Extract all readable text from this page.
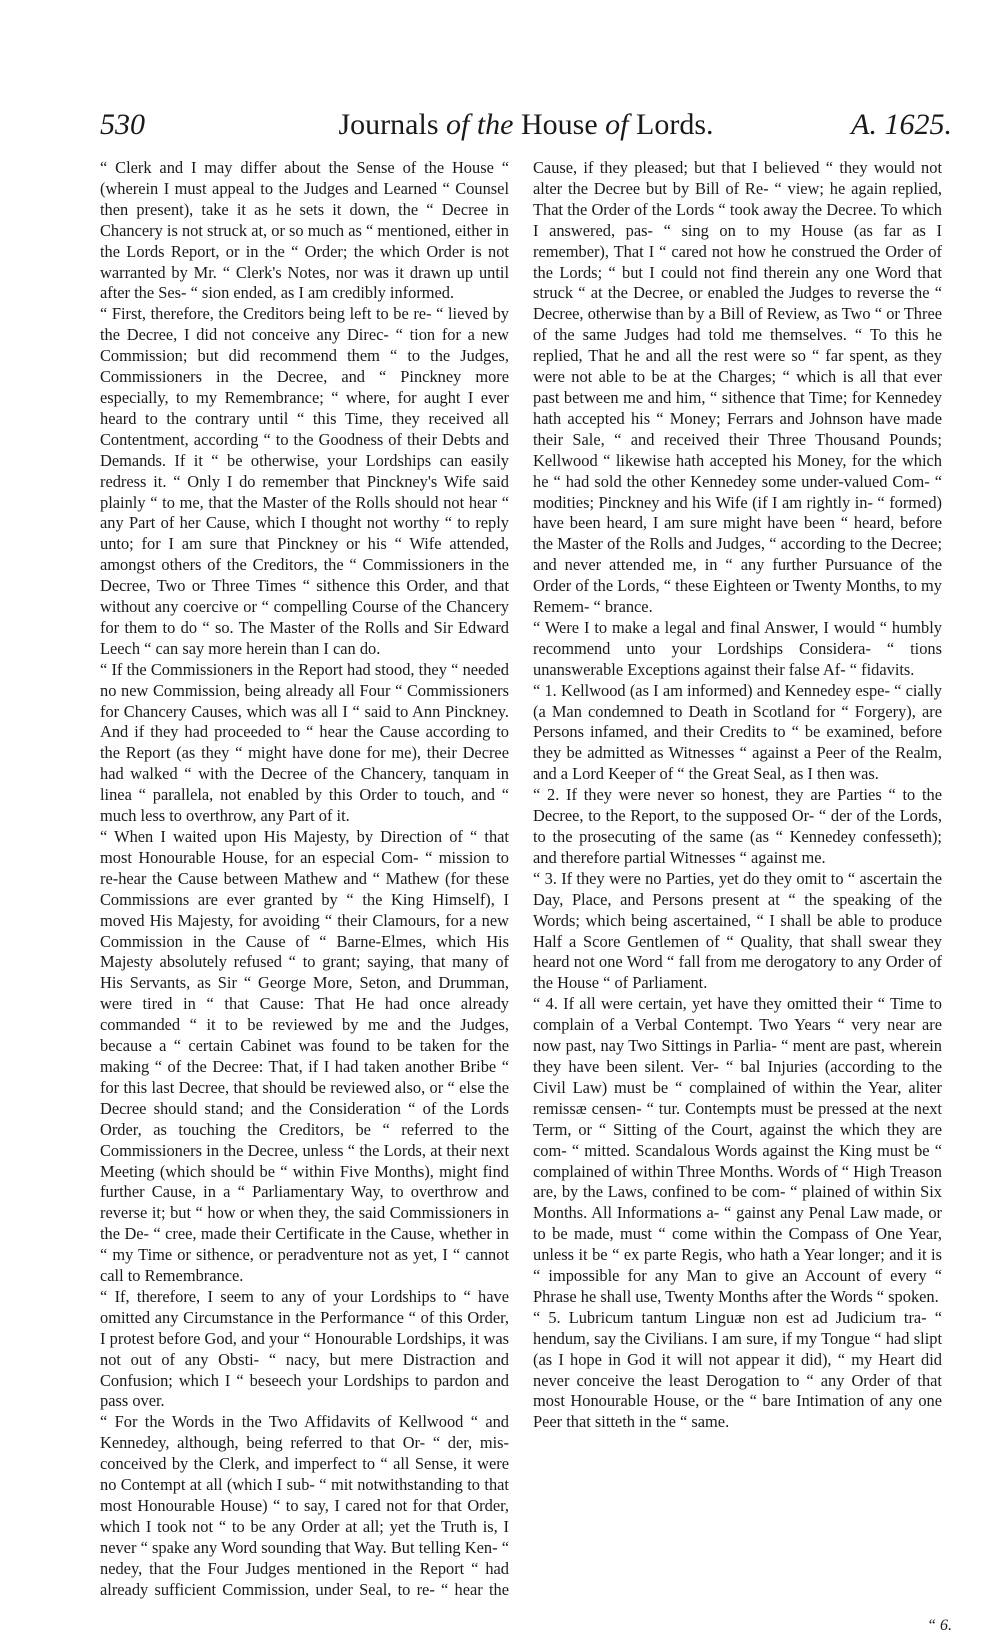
530	Journals of the House of Lords.	A. 1625.

“ Clerk and I may differ about the Sense of the House “ (wherein I must appeal to the Judges and Learned “ Counsel then present), take it as he sets it down, the “ Decree in Chancery is not struck at, or so much as “ mentioned, either in the Lords Report, or in the “ Order; the which Order is not warranted by Mr. “ Clerk's Notes, nor was it drawn up until after the Ses- “ sion ended, as I am credibly informed.

“ First, therefore, the Creditors being left to be re- “ lieved by the Decree, I did not conceive any Direc- “ tion for a new Commission; but did recommend them “ to the Judges, Commissioners in the Decree, and “ Pinckney more especially, to my Remembrance; “ where, for aught I ever heard to the contrary until “ this Time, they received all Contentment, according “ to the Goodness of their Debts and Demands. If it “ be otherwise, your Lordships can easily redress it. “ Only I do remember that Pinckney's Wife said plainly “ to me, that the Master of the Rolls should not hear “ any Part of her Cause, which I thought not worthy “ to reply unto; for I am sure that Pinckney or his “ Wife attended, amongst others of the Creditors, the “ Commissioners in the Decree, Two or Three Times “ sithence this Order, and that without any coercive or “ compelling Course of the Chancery for them to do “ so. The Master of the Rolls and Sir Edward Leech “ can say more herein than I can do.

“ If the Commissioners in the Report had stood, they “ needed no new Commission, being already all Four “ Commissioners for Chancery Causes, which was all I “ said to Ann Pinckney. And if they had proceeded to “ hear the Cause according to the Report (as they “ might have done for me), their Decree had walked “ with the Decree of the Chancery, tanquam in linea “ parallela, not enabled by this Order to touch, and “ much less to overthrow, any Part of it.

“ When I waited upon His Majesty, by Direction of “ that most Honourable House, for an especial Com- “ mission to re-hear the Cause between Mathew and “ Mathew (for these Commissions are ever granted by “ the King Himself), I moved His Majesty, for avoiding “ their Clamours, for a new Commission in the Cause of “ Barne-Elmes, which His Majesty absolutely refused “ to grant; saying, that many of His Servants, as Sir “ George More, Seton, and Drumman, were tired in “ that Cause: That He had once already commanded “ it to be reviewed by me and the Judges, because a “ certain Cabinet was found to be taken for the making “ of the Decree: That, if I had taken another Bribe “ for this last Decree, that should be reviewed also, or “ else the Decree should stand; and the Consideration “ of the Lords Order, as touching the Creditors, be “ referred to the Commissioners in the Decree, unless “ the Lords, at their next Meeting (which should be “ within Five Months), might find further Cause, in a “ Parliamentary Way, to overthrow and reverse it; but “ how or when they, the said Commissioners in the De- “ cree, made their Certificate in the Cause, whether in “ my Time or sithence, or peradventure not as yet, I “ cannot call to Remembrance.

“ If, therefore, I seem to any of your Lordships to “ have omitted any Circumstance in the Performance “ of this Order, I protest before God, and your “ Honourable Lordships, it was not out of any Obsti- “ nacy, but mere Distraction and Confusion; which I “ beseech your Lordships to pardon and pass over.

“ For the Words in the Two Affidavits of Kellwood “ and Kennedey, although, being referred to that Or- “ der, mis-conceived by the Clerk, and imperfect to “ all Sense, it were no Contempt at all (which I sub- “ mit notwithstanding to that most Honourable House) “ to say, I cared not for that Order, which I took not “ to be any Order at all; yet the Truth is, I never “ spake any Word sounding that Way. But telling Ken- “ nedey, that the Four Judges mentioned in the Report “ had already sufficient Commission, under Seal, to re- “ hear the Cause, if they pleased; but that I believed “ they would not alter the Decree but by Bill of Re- “ view; he again replied, That the Order of the Lords “ took away the Decree. To which I answered, pas- “ sing on to my House (as far as I remember), That I “ cared not how he construed the Order of the Lords; “ but I could not find therein any one Word that struck “ at the Decree, or enabled the Judges to reverse the “ Decree, otherwise than by a Bill of Review, as Two “ or Three of the same Judges had told me themselves. “ To this he replied, That he and all the rest were so “ far spent, as they were not able to be at the Charges; “ which is all that ever past between me and him, “ sithence that Time; for Kennedey hath accepted his “ Money; Ferrars and Johnson have made their Sale, “ and received their Three Thousand Pounds; Kellwood “ likewise hath accepted his Money, for the which he “ had sold the other Kennedey some under-valued Com- “ modities; Pinckney and his Wife (if I am rightly in- “ formed) have been heard, I am sure might have been “ heard, before the Master of the Rolls and Judges, “ according to the Decree; and never attended me, in “ any further Pursuance of the Order of the Lords, “ these Eighteen or Twenty Months, to my Remem- “ brance.

“ Were I to make a legal and final Answer, I would “ humbly recommend unto your Lordships Considera- “ tions unanswerable Exceptions against their false Af- “ fidavits.

“ 1. Kellwood (as I am informed) and Kennedey espe- “ cially (a Man condemned to Death in Scotland for “ Forgery), are Persons infamed, and their Credits to “ be examined, before they be admitted as Witnesses “ against a Peer of the Realm, and a Lord Keeper of “ the Great Seal, as I then was.

“ 2. If they were never so honest, they are Parties “ to the Decree, to the Report, to the supposed Or- “ der of the Lords, to the prosecuting of the same (as “ Kennedey confesseth); and therefore partial Witnesses “ against me.

“ 3. If they were no Parties, yet do they omit to “ ascertain the Day, Place, and Persons present at “ the speaking of the Words; which being ascertained, “ I shall be able to produce Half a Score Gentlemen of “ Quality, that shall swear they heard not one Word “ fall from me derogatory to any Order of the House “ of Parliament.

“ 4. If all were certain, yet have they omitted their “ Time to complain of a Verbal Contempt. Two Years “ very near are now past, nay Two Sittings in Parlia- “ ment are past, wherein they have been silent. Ver- “ bal Injuries (according to the Civil Law) must be “ complained of within the Year, aliter remissæ censen- “ tur. Contempts must be pressed at the next Term, or “ Sitting of the Court, against the which they are com- “ mitted. Scandalous Words against the King must be “ complained of within Three Months. Words of “ High Treason are, by the Laws, confined to be com- “ plained of within Six Months. All Informations a- “ gainst any Penal Law made, or to be made, must “ come within the Compass of One Year, unless it be “ ex parte Regis, who hath a Year longer; and it is “ impossible for any Man to give an Account of every “ Phrase he shall use, Twenty Months after the Words “ spoken.

“ 5. Lubricum tantum Linguæ non est ad Judicium tra- “ hendum, say the Civilians. I am sure, if my Tongue “ had slipt (as I hope in God it will not appear it did), “ my Heart did never conceive the least Derogation to “ any Order of that most Honourable House, or the “ bare Intimation of any one Peer that sitteth in the “ same.

“ 6.
